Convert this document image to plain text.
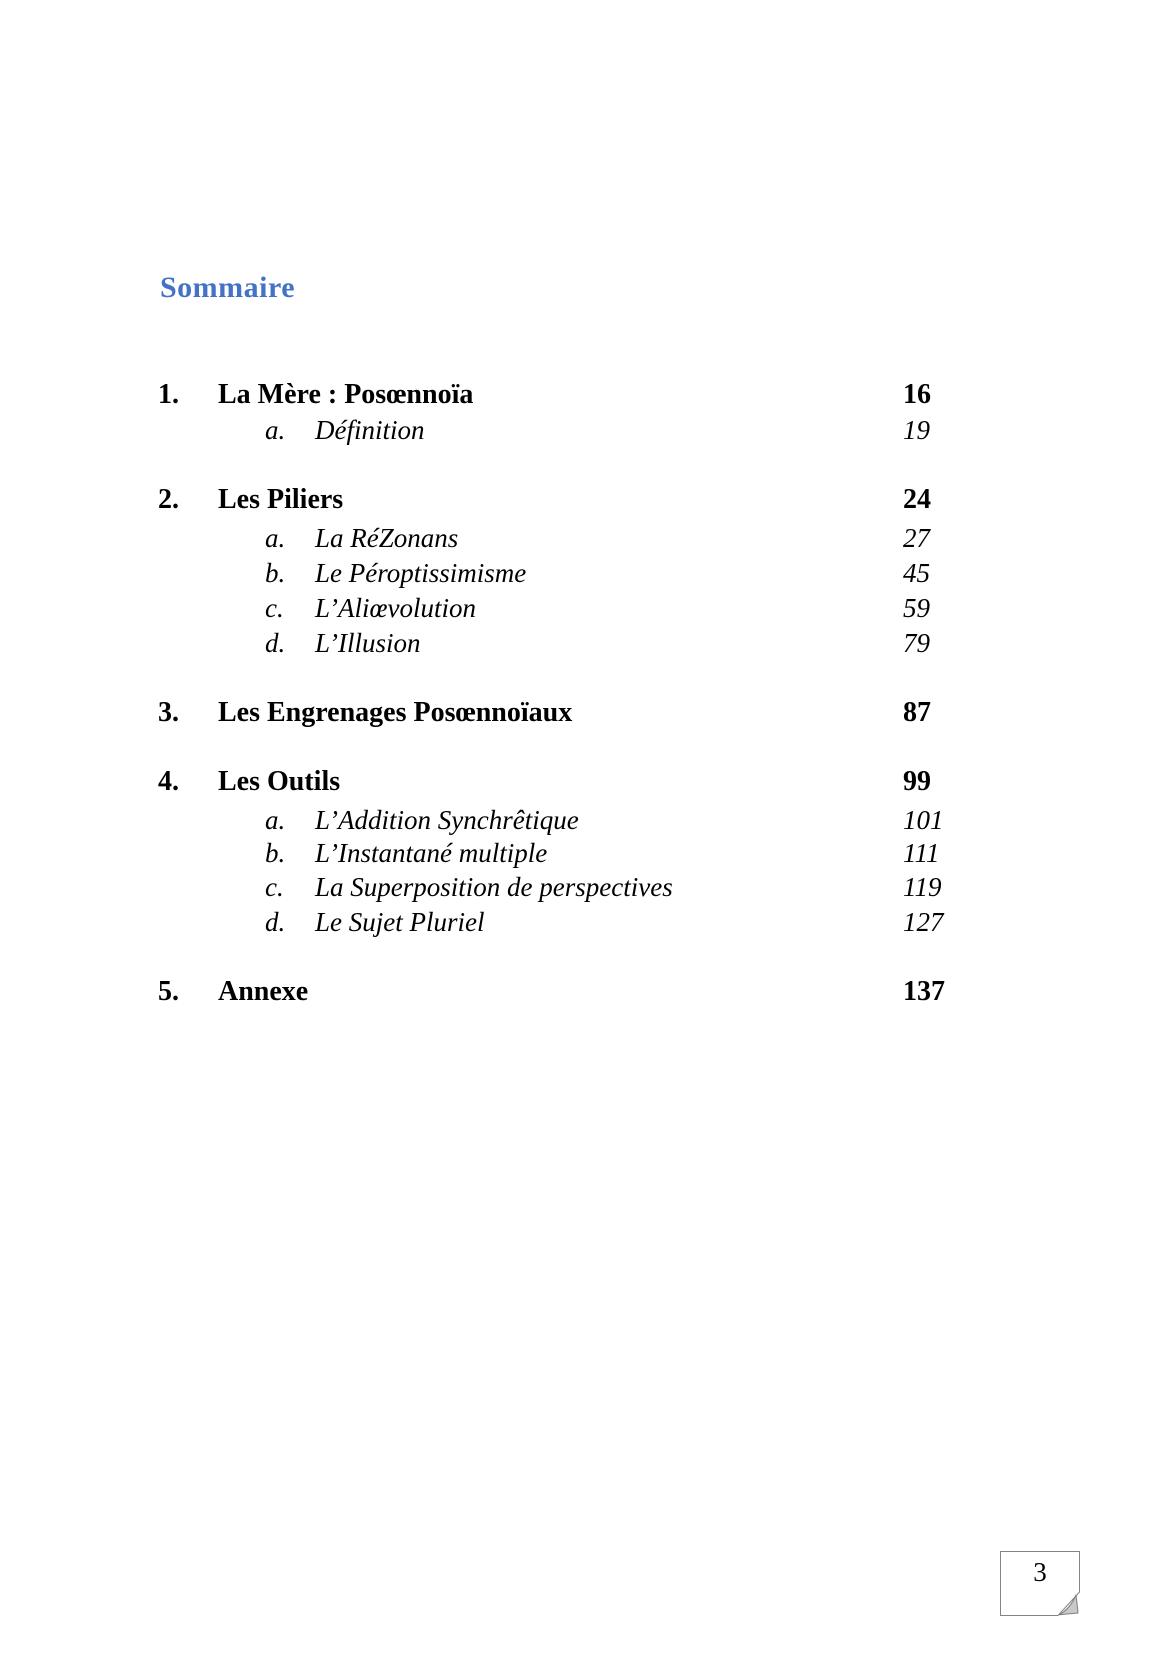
Sommaire
1.	La Mère : Posœnnoïa	16
a.	Définition	19
2.	Les Piliers	24
a.	La RéZonans	27
b.	Le Péroptissimisme	45
c.	L’Aliœvolution	59
d.	L’Illusion	79
3.	Les Engrenages Posœnnoïaux	87
4.	Les Outils	99
a.	L’Addition Synchrêtique	101
b.	L’Instantané multiple	111
c.	La Superposition de perspectives	119
d.	Le Sujet Pluriel	127
5.	Annexe	137
3
